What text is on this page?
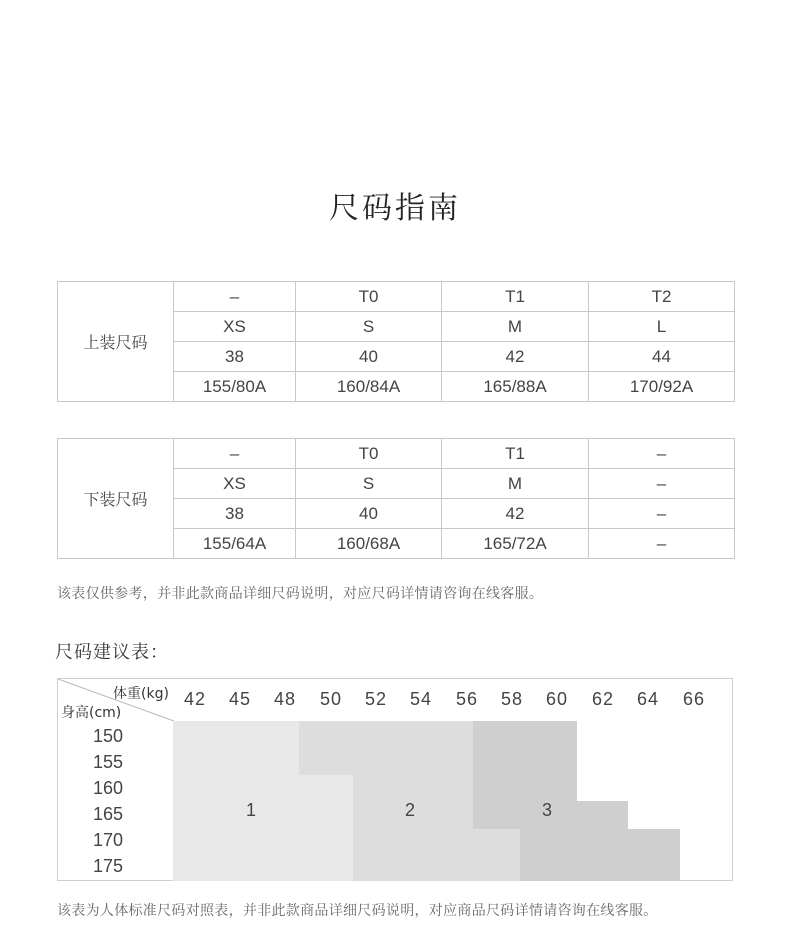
尺码指南
上装尺码	–	T0	T1	T2
	XS	S	M	L
	38	40	42	44
	155/80A	160/84A	165/88A	170/92A
下装尺码	–	T0	T1	–
	XS	S	M	–
	38	40	42	–
	155/64A	160/68A	165/72A	–
该表仅供参考，并非此款商品详细尺码说明，对应尺码详情请咨询在线客服。
尺码建议表：
体重(kg)
身高(cm)
42	45	48	50	52	54	56	58	60	62	64	66
150
155
160
165
170
175
1	2	3
该表为人体标准尺码对照表，并非此款商品详细尺码说明，对应商品尺码详情请咨询在线客服。
